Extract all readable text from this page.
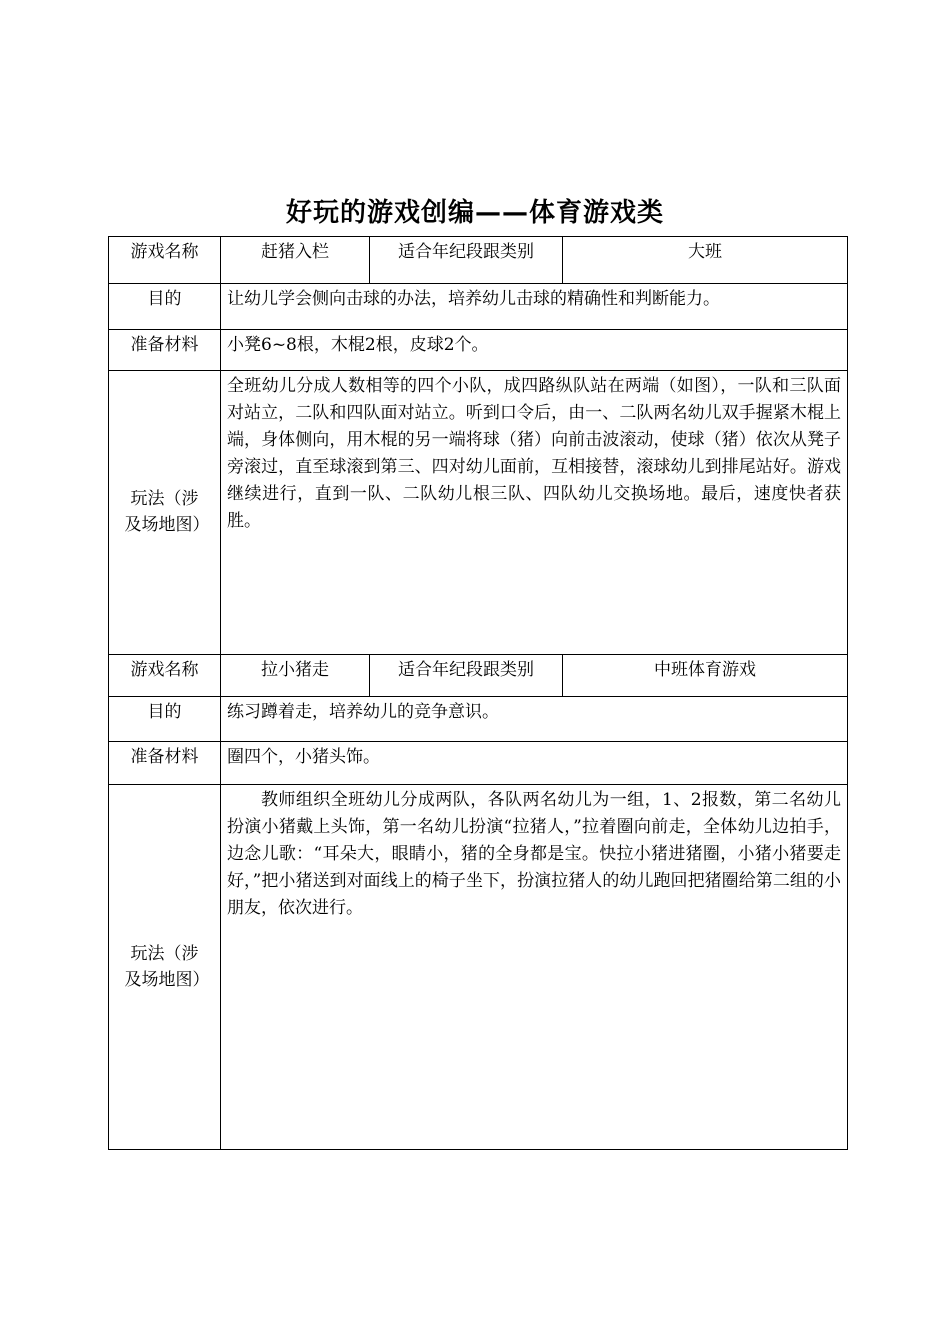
好玩的游戏创编——体育游戏类
游戏名称	赶猪入栏	适合年纪段跟类别	大班
目的	让幼儿学会侧向击球的办法，培养幼儿击球的精确性和判断能力。		
准备材料	小凳6~8根，木棍2根，皮球2个。		
玩法（涉及场地图）	全班幼儿分成人数相等的四个小队，成四路纵队站在两端（如图），一队和三队面对站立，二队和四队面对站立。听到口令后，由一、二队两名幼儿双手握紧木棍上端，身体侧向，用木棍的另一端将球（猪）向前击波滚动，使球（猪）依次从凳子旁滚过，直至球滚到第三、四对幼儿面前，互相接替，滚球幼儿到排尾站好。游戏继续进行，直到一队、二队幼儿根三队、四队幼儿交换场地。最后，速度快者获胜。		
游戏名称	拉小猪走	适合年纪段跟类别	中班体育游戏
目的	练习蹲着走，培养幼儿的竞争意识。		
准备材料	圈四个，小猪头饰。		
玩法（涉及场地图）	教师组织全班幼儿分成两队，各队两名幼儿为一组，1、2报数，第二名幼儿扮演小猪戴上头饰，第一名幼儿扮演“拉猪人，”拉着圈向前走，全体幼儿边拍手，边念儿歌：“耳朵大，眼睛小，猪的全身都是宝。快拉小猪进猪圈，小猪小猪要走好，”把小猪送到对面线上的椅子坐下，扮演拉猪人的幼儿跑回把猪圈给第二组的小朋友，依次进行。		
